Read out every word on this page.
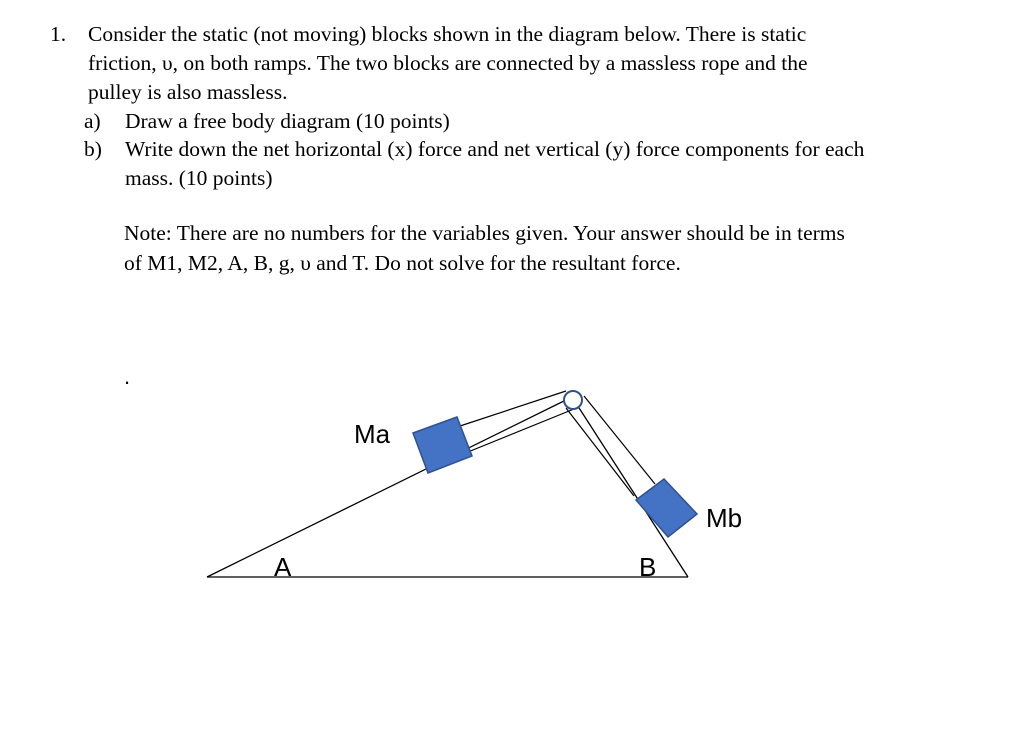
1. Consider the static (not moving) blocks shown in the diagram below. There is static
friction, υ, on both ramps. The two blocks are connected by a massless rope and the
pulley is also massless.
a) Draw a free body diagram (10 points)
b) Write down the net horizontal (x) force and net vertical (y) force components for each
mass. (10 points)
Note: There are no numbers for the variables given. Your answer should be in terms
of M1, M2, A, B, g, υ and T. Do not solve for the resultant force.
.
Ma
Mb
A	B
